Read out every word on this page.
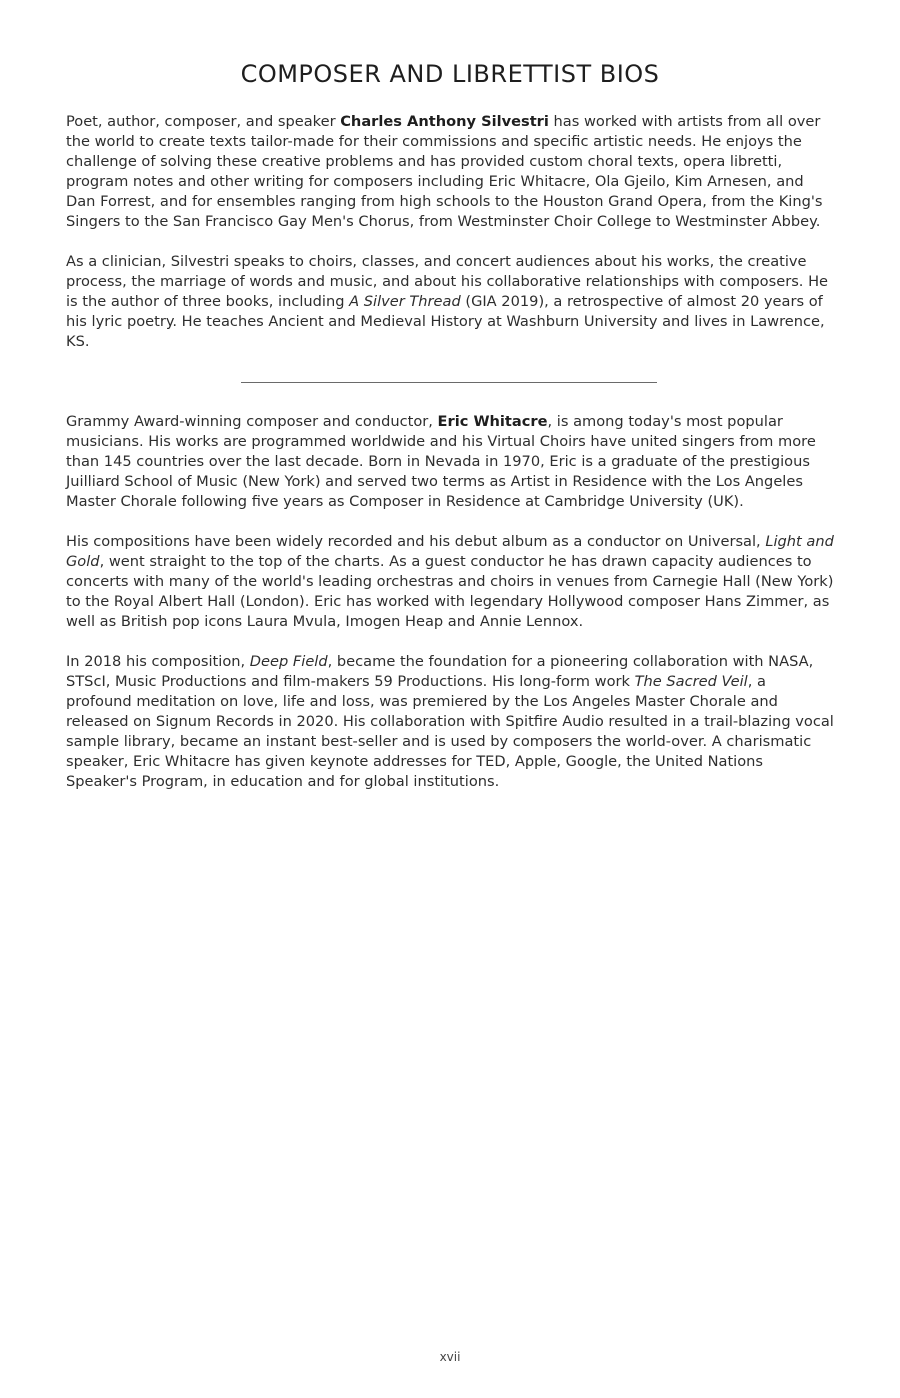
COMPOSER AND LIBRETTIST BIOS

Poet, author, composer, and speaker Charles Anthony Silvestri has worked with artists from all over the world to create texts tailor-made for their commissions and specific artistic needs. He enjoys the challenge of solving these creative problems and has provided custom choral texts, opera libretti, program notes and other writing for composers including Eric Whitacre, Ola Gjeilo, Kim Arnesen, and Dan Forrest, and for ensembles ranging from high schools to the Houston Grand Opera, from the King's Singers to the San Francisco Gay Men's Chorus, from Westminster Choir College to Westminster Abbey.

As a clinician, Silvestri speaks to choirs, classes, and concert audiences about his works, the creative process, the marriage of words and music, and about his collaborative relationships with composers. He is the author of three books, including A Silver Thread (GIA 2019), a retrospective of almost 20 years of his lyric poetry. He teaches Ancient and Medieval History at Washburn University and lives in Lawrence, KS.

Grammy Award-winning composer and conductor, Eric Whitacre, is among today's most popular musicians. His works are programmed worldwide and his Virtual Choirs have united singers from more than 145 countries over the last decade. Born in Nevada in 1970, Eric is a graduate of the prestigious Juilliard School of Music (New York) and served two terms as Artist in Residence with the Los Angeles Master Chorale following five years as Composer in Residence at Cambridge University (UK).

His compositions have been widely recorded and his debut album as a conductor on Universal, Light and Gold, went straight to the top of the charts. As a guest conductor he has drawn capacity audiences to concerts with many of the world's leading orchestras and choirs in venues from Carnegie Hall (New York) to the Royal Albert Hall (London). Eric has worked with legendary Hollywood composer Hans Zimmer, as well as British pop icons Laura Mvula, Imogen Heap and Annie Lennox.

In 2018 his composition, Deep Field, became the foundation for a pioneering collaboration with NASA, STScI, Music Productions and film-makers 59 Productions. His long-form work The Sacred Veil, a profound meditation on love, life and loss, was premiered by the Los Angeles Master Chorale and released on Signum Records in 2020. His collaboration with Spitfire Audio resulted in a trail-blazing vocal sample library, became an instant best-seller and is used by composers the world-over. A charismatic speaker, Eric Whitacre has given keynote addresses for TED, Apple, Google, the United Nations Speaker's Program, in education and for global institutions.

xvii
